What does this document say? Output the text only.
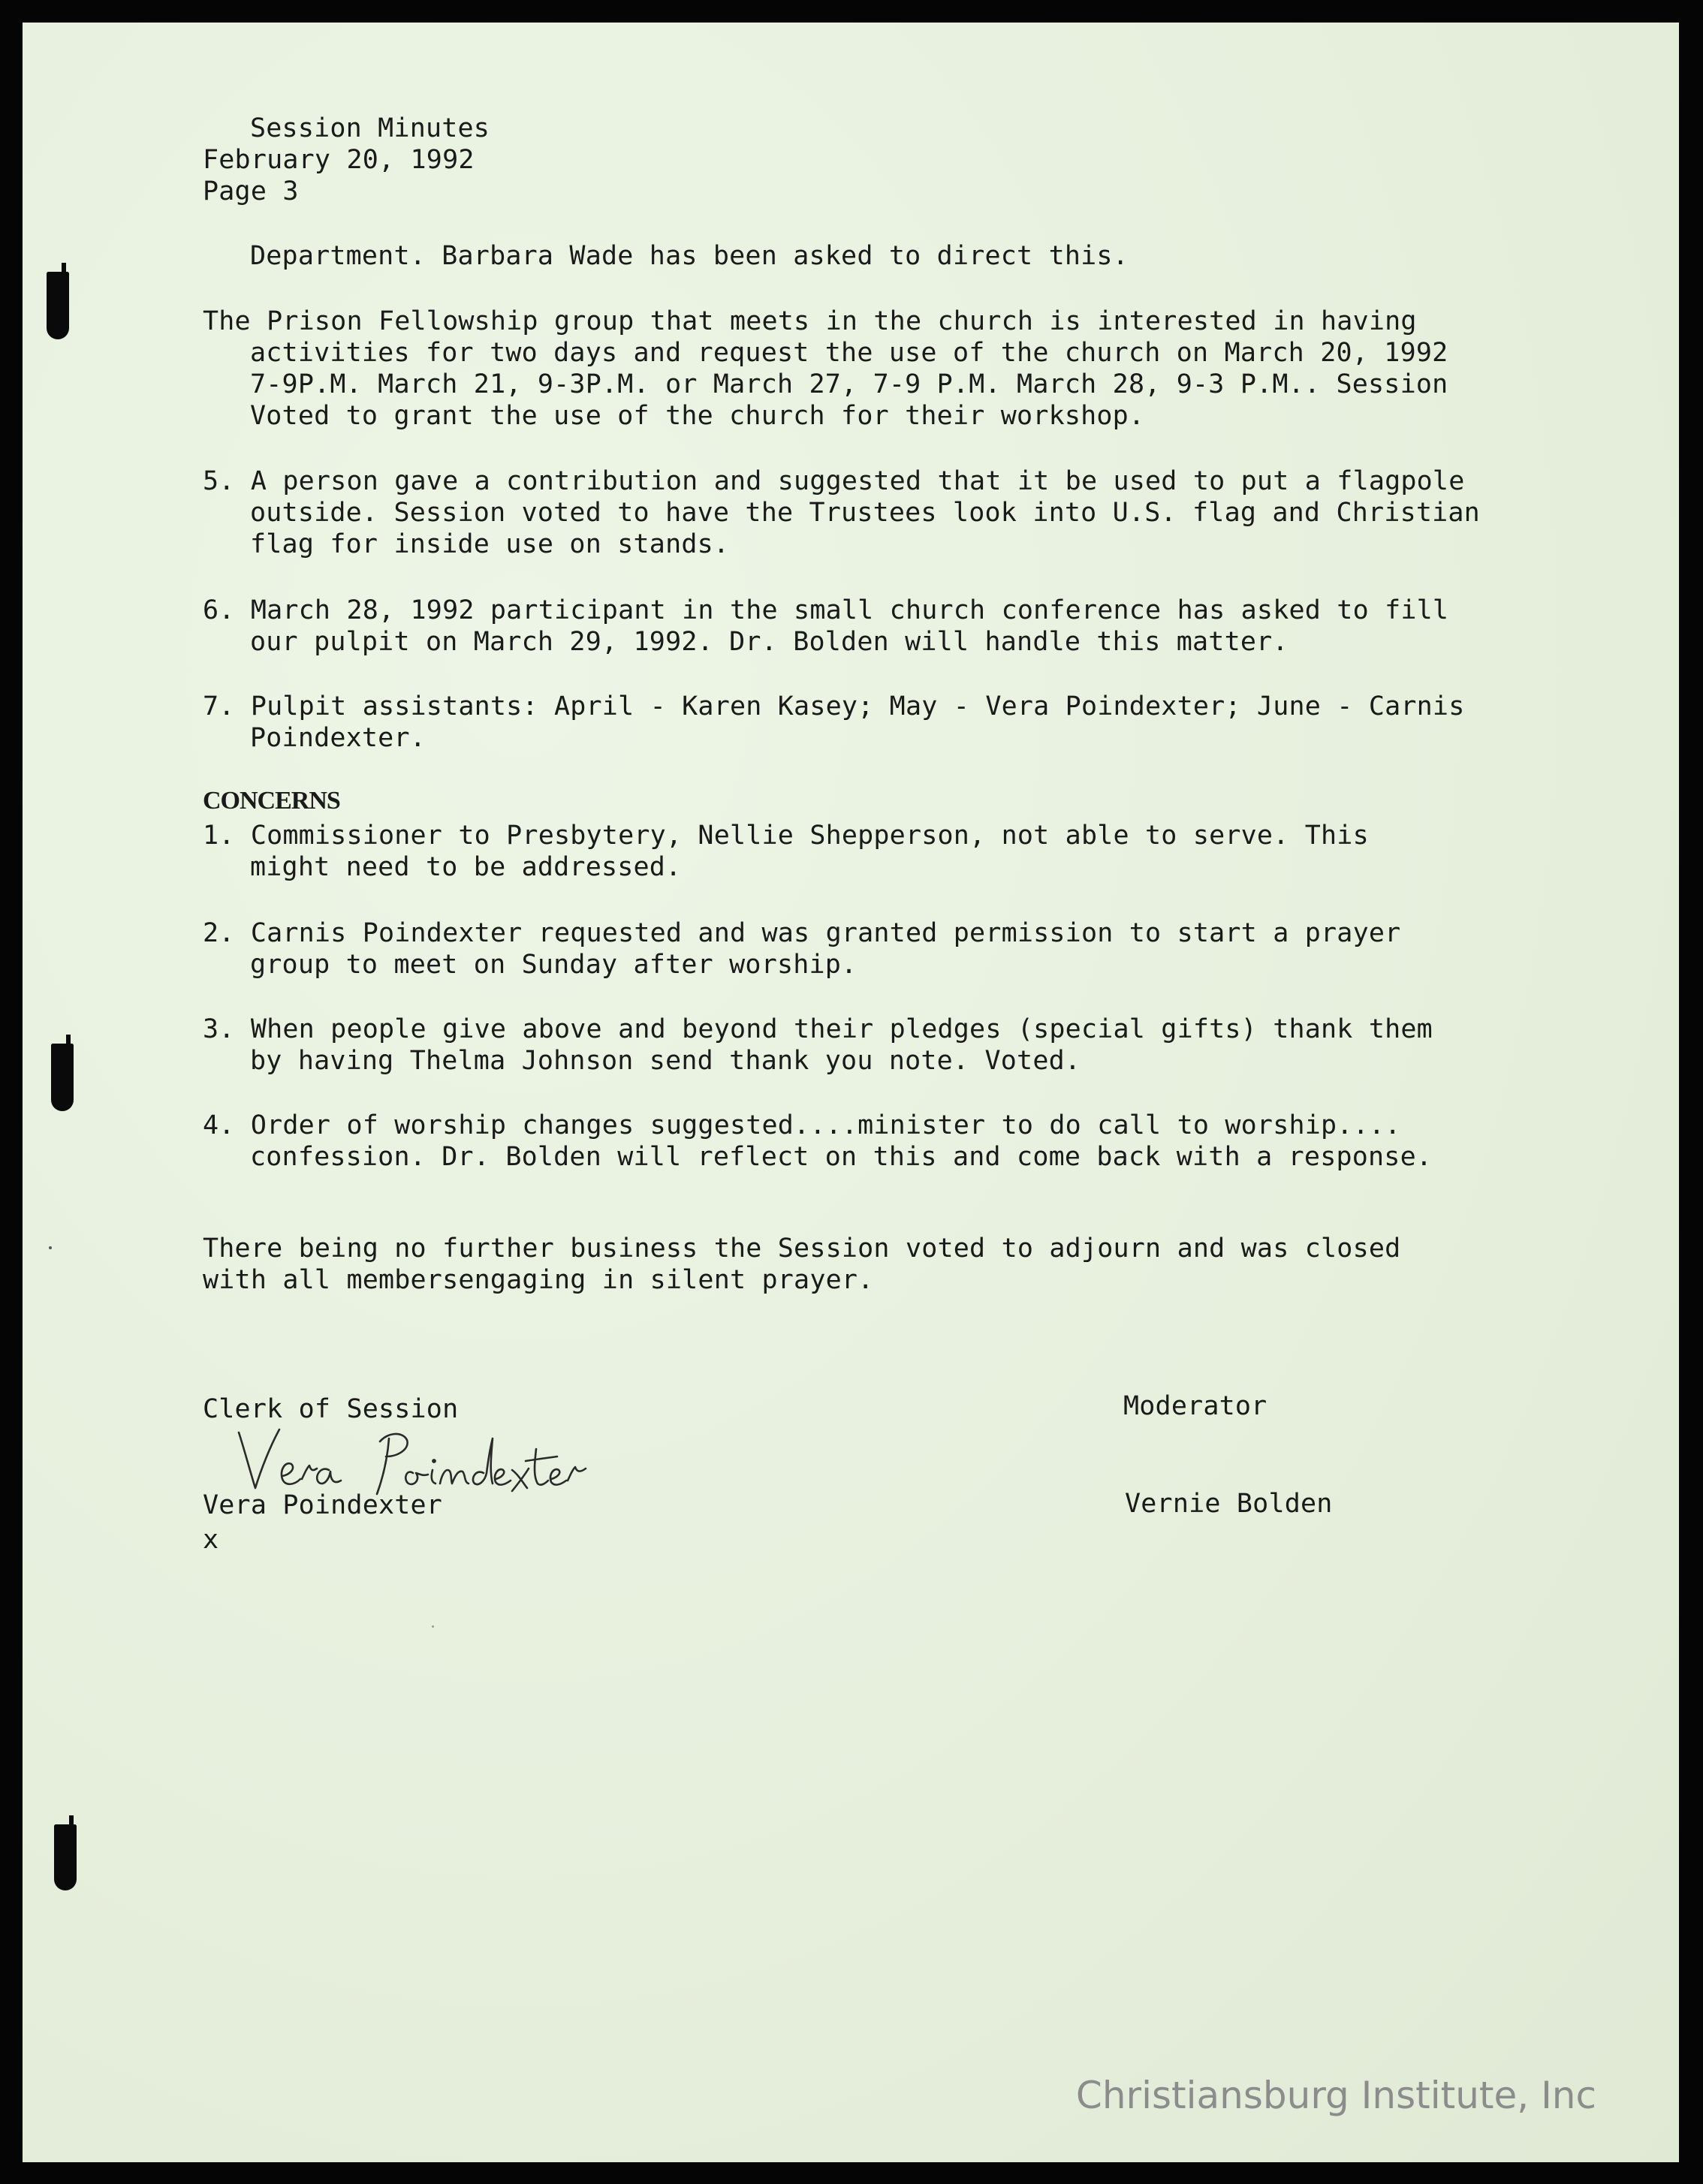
Session Minutes
February 20, 1992
Page 3
Department. Barbara Wade has been asked to direct this.
The Prison Fellowship group that meets in the church is interested in having
activities for two days and request the use of the church on March 20, 1992
7-9P.M. March 21, 9-3P.M. or March 27, 7-9 P.M. March 28, 9-3 P.M.. Session
Voted to grant the use of the church for their workshop.
5. A person gave a contribution and suggested that it be used to put a flagpole
outside. Session voted to have the Trustees look into U.S. flag and Christian
flag for inside use on stands.
6. March 28, 1992 participant in the small church conference has asked to fill
our pulpit on March 29, 1992. Dr. Bolden will handle this matter.
7. Pulpit assistants: April - Karen Kasey; May - Vera Poindexter; June - Carnis
Poindexter.
CONCERNS
1. Commissioner to Presbytery, Nellie Shepperson, not able to serve. This
might need to be addressed.
2. Carnis Poindexter requested and was granted permission to start a prayer
group to meet on Sunday after worship.
3. When people give above and beyond their pledges (special gifts) thank them
by having Thelma Johnson send thank you note. Voted.
4. Order of worship changes suggested....minister to do call to worship....
confession. Dr. Bolden will reflect on this and come back with a response.
There being no further business the Session voted to adjourn and was closed
with all membersengaging in silent prayer.
Clerk of Session	Moderator
Vera Poindexter
x
Vernie Bolden
Christiansburg Institute, Inc
